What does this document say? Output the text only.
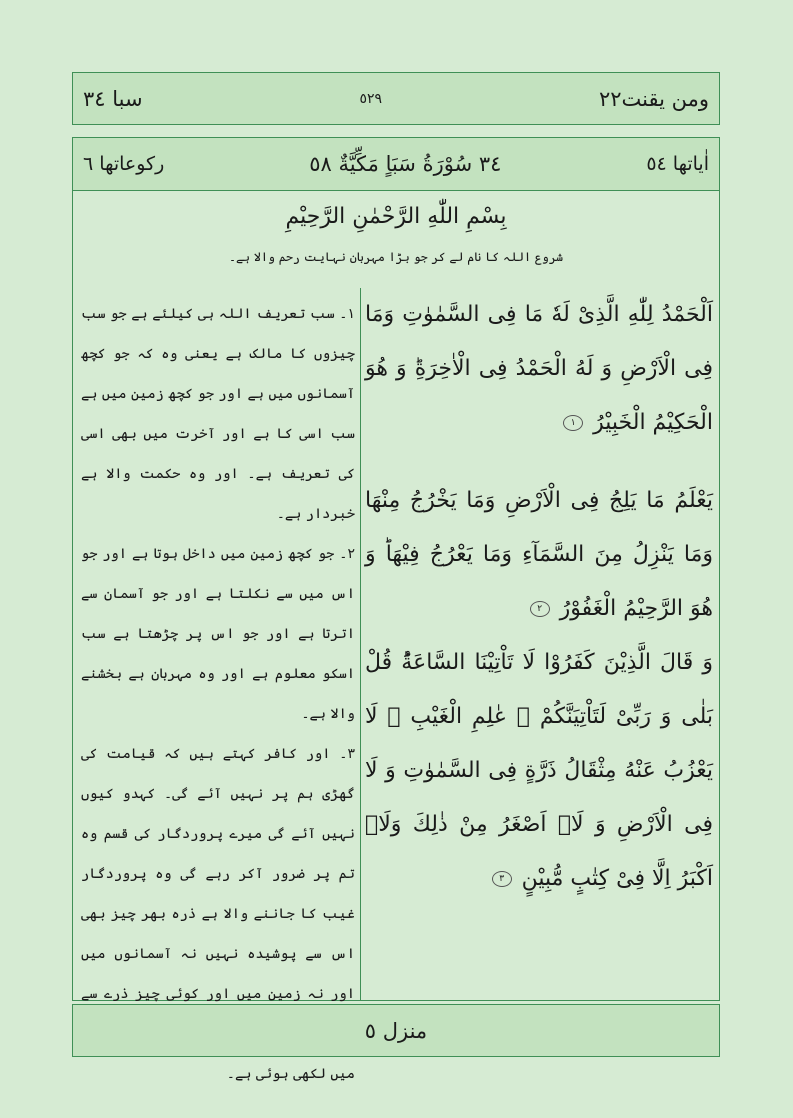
ومن يقنت٢٢
٥٢٩
سبا ٣٤
اٰياتها ٥٤
٣٤ سُوْرَةُ سَبَاٍ مَكِّيَّةٌ ٥٨
ركوعاتها ٦
بِسْمِ اللّٰهِ الرَّحْمٰنِ الرَّحِيْمِ
شروع اللہ کا نام لے کر جو بڑا مہربان نہایت رحم والا ہے۔

اَلْحَمْدُ لِلّٰهِ الَّذِىْ لَهٗ مَا فِى السَّمٰوٰتِ وَمَا فِى الْاَرْضِ وَ لَهُ الْحَمْدُ فِى الْاٰخِرَةِؕ وَ هُوَ الْحَكِيْمُ الْخَبِيْرُ ١

يَعْلَمُ مَا يَلِجُ فِى الْاَرْضِ وَمَا يَخْرُجُ مِنْهَا وَمَا يَنْزِلُ مِنَ السَّمَآءِ وَمَا يَعْرُجُ فِيْهَاؕ وَ هُوَ الرَّحِيْمُ الْغَفُوْرُ ٢

وَ قَالَ الَّذِيْنَ كَفَرُوْا لَا تَاْتِيْنَا السَّاعَةُؕ قُلْ بَلٰى وَ رَبِّىْ لَتَاْتِيَنَّكُمْ ۙ عٰلِمِ الْغَيْبِ ۚ لَا يَعْزُبُ عَنْهُ مِثْقَالُ ذَرَّةٍ فِى السَّمٰوٰتِ وَ لَا فِى الْاَرْضِ وَ لَاۤ اَصْغَرُ مِنْ ذٰلِكَ وَلَاۤ اَكْبَرُ اِلَّا فِىْ كِتٰبٍ مُّبِيْنٍ ٣

۱۔ سب تعریف اللہ ہی کیلئے ہے جو سب چیزوں کا مالک ہے یعنی وہ کہ جو کچھ آسمانوں میں ہے اور جو کچھ زمین میں ہے سب اسی کا ہے اور آخرت میں بھی اسی کی تعریف ہے۔ اور وہ حکمت والا ہے خبردار ہے۔

۲۔ جو کچھ زمین میں داخل ہوتا ہے اور جو اس میں سے نکلتا ہے اور جو آسمان سے اترتا ہے اور جو اس پر چڑھتا ہے سب اسکو معلوم ہے اور وہ مہربان ہے بخشنے والا ہے۔

۳۔ اور کافر کہتے ہیں کہ قیامت کی گھڑی ہم پر نہیں آئے گی۔ کہدو کیوں نہیں آئے گی میرے پروردگار کی قسم وہ تم پر ضرور آکر رہے گی وہ پروردگار غیب کا جاننے والا ہے ذرہ بھر چیز بھی اس سے پوشیدہ نہیں نہ آسمانوں میں اور نہ زمین میں اور کوئی چیز ذرے سے میں لکھی ہوئی ہے۔

منزل ٥
